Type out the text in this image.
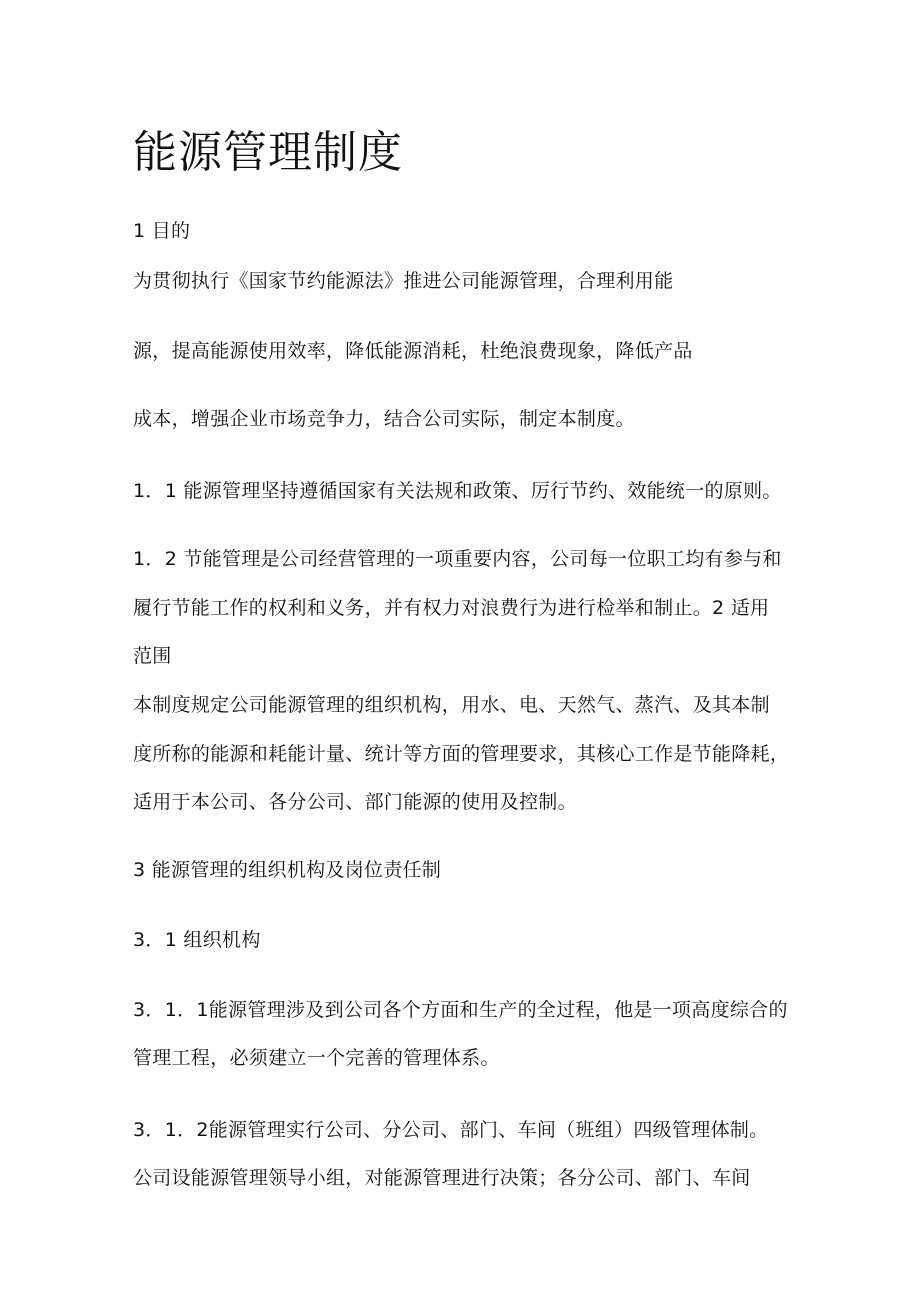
能源管理制度
1 目的
为贯彻执行《国家节约能源法》推进公司能源管理，合理利用能
源，提高能源使用效率，降低能源消耗，杜绝浪费现象，降低产品
成本，增强企业市场竞争力，结合公司实际，制定本制度。
1．1 能源管理坚持遵循国家有关法规和政策、厉行节约、效能统一的原则。
1．2 节能管理是公司经营管理的一项重要内容，公司每一位职工均有参与和
履行节能工作的权利和义务，并有权力对浪费行为进行检举和制止。2 适用
范围
本制度规定公司能源管理的组织机构，用水、电、天然气、蒸汽、及其本制
度所称的能源和耗能计量、统计等方面的管理要求，其核心工作是节能降耗，
适用于本公司、各分公司、部门能源的使用及控制。
3 能源管理的组织机构及岗位责任制
3．1 组织机构
3．1．1能源管理涉及到公司各个方面和生产的全过程，他是一项高度综合的
管理工程，必须建立一个完善的管理体系。
3．1．2能源管理实行公司、分公司、部门、车间（班组）四级管理体制。
公司设能源管理领导小组，对能源管理进行决策；各分公司、部门、车间
